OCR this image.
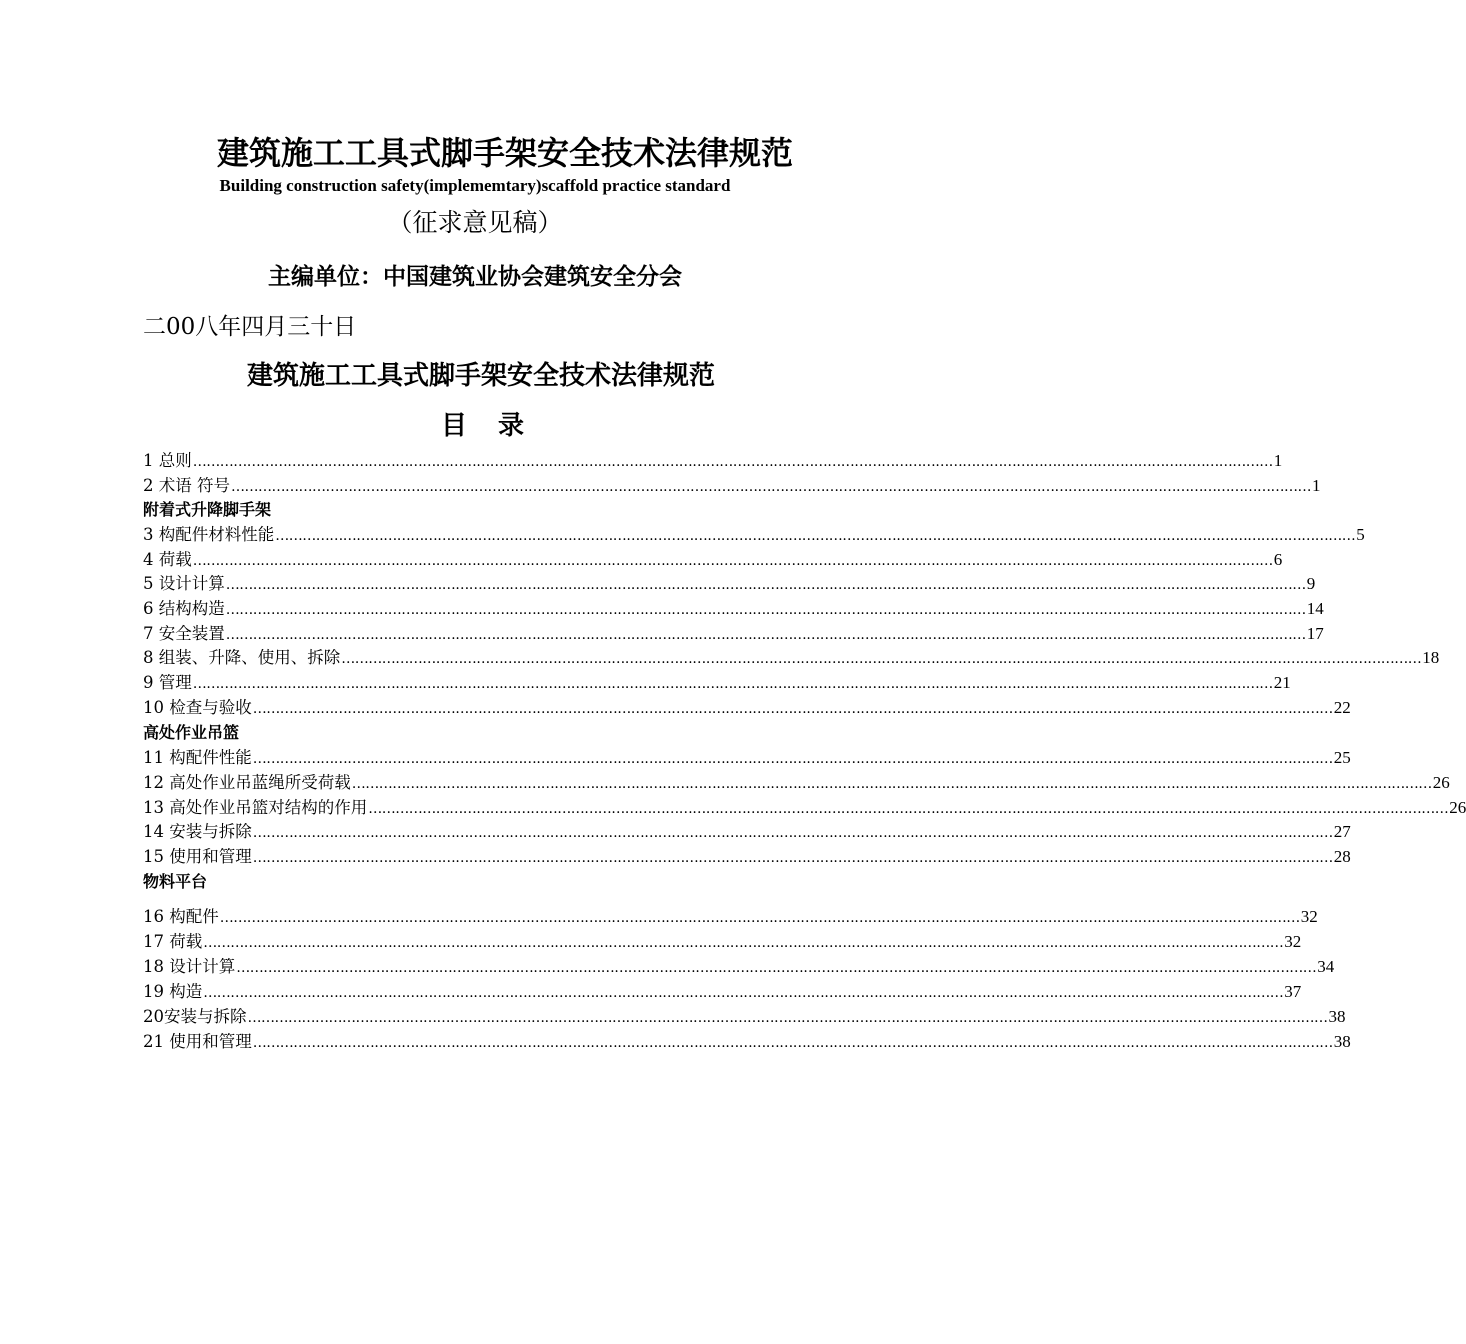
建筑施工工具式脚手架安全技术法律规范
Building construction safety(implememtary)scaffold practice standard
（征求意见稿）
主编单位：中国建筑业协会建筑安全分会
二00八年四月三十日
建筑施工工具式脚手架安全技术法律规范
目 录
1 总则 …………………………………………………………………………………………………………………………………………………………………………………………………………………… 1
2 术语 符号 …………………………………………………………………………………………………………………………………………………………………………………………………………………… 1
3 构配件材料性能 …………………………………………………………………………………………………………………………………………………………………………………………………………………… 5
4 荷载 …………………………………………………………………………………………………………………………………………………………………………………………………………………… 6
5 设计计算 …………………………………………………………………………………………………………………………………………………………………………………………………………………… 9
6 结构构造 …………………………………………………………………………………………………………………………………………………………………………………………………………………… 14
7 安全装置 …………………………………………………………………………………………………………………………………………………………………………………………………………………… 17
8 组装、升降、使用、拆除 …………………………………………………………………………………………………………………………………………………………………………………………………………………… 18
9 管理 …………………………………………………………………………………………………………………………………………………………………………………………………………………… 21
10 检查与验收 …………………………………………………………………………………………………………………………………………………………………………………………………………………… 22
11 构配件性能 …………………………………………………………………………………………………………………………………………………………………………………………………………………… 25
12 高处作业吊蓝绳所受荷载 …………………………………………………………………………………………………………………………………………………………………………………………………………………… 26
13 高处作业吊篮对结构的作用 …………………………………………………………………………………………………………………………………………………………………………………………………………………… 26
14 安装与拆除 …………………………………………………………………………………………………………………………………………………………………………………………………………………… 27
15 使用和管理 …………………………………………………………………………………………………………………………………………………………………………………………………………………… 28
16 构配件 …………………………………………………………………………………………………………………………………………………………………………………………………………………… 32
17 荷载 …………………………………………………………………………………………………………………………………………………………………………………………………………………… 32
18 设计计算 …………………………………………………………………………………………………………………………………………………………………………………………………………………… 34
19 构造 …………………………………………………………………………………………………………………………………………………………………………………………………………………… 37
20安装与拆除 …………………………………………………………………………………………………………………………………………………………………………………………………………………… 38
21 使用和管理 …………………………………………………………………………………………………………………………………………………………………………………………………………………… 38
附着式升降脚手架
高处作业吊篮
物料平台
